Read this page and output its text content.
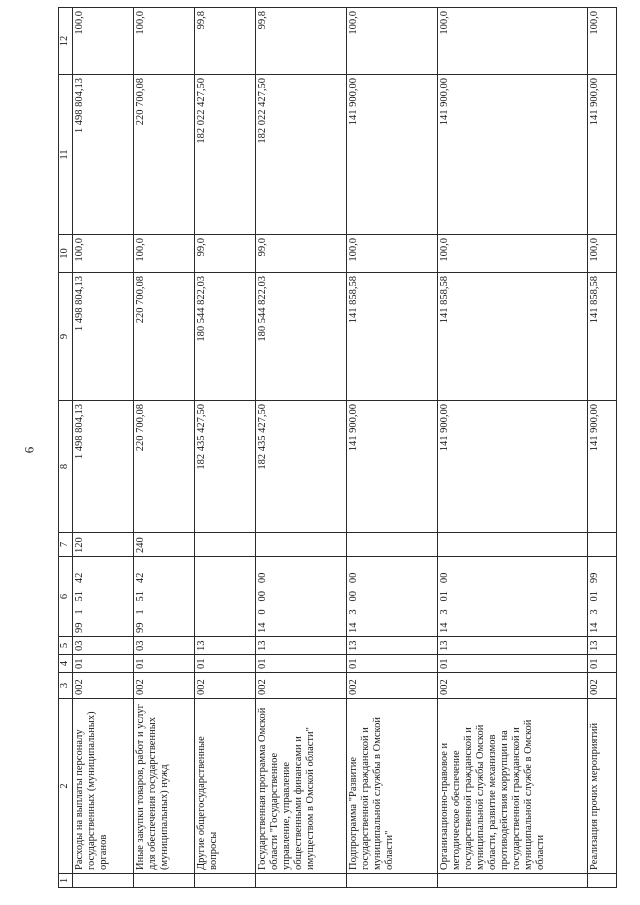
6
1	2	3	4	5	6	7	8	9	10	11	12
	Расходы на выплаты персоналу государственных (муниципальных) органов	002	01	03	99   1   51   42	120	1 498 804,13	1 498 804,13	100,0	1 498 804,13	100,0
	Иные закупки товаров, работ и услуг для обеспечения государственных (муниципальных) нужд	002	01	03	99   1   51   42	240	220 700,08	220 700,08	100,0	220 700,08	100,0
	Другие общегосударственные вопросы	002	01	13			182 435 427,50	180 544 822,03	99,0	182 022 427,50	99,8
	Государственная программа Омской области "Государственное управление, управление общественными финансами и имуществом в Омской области"	002	01	13	14   0   00   00		182 435 427,50	180 544 822,03	99,0	182 022 427,50	99,8
	Подпрограмма "Развитие государственной гражданской и муниципальной службы в Омской области"	002	01	13	14   3   00   00		141 900,00	141 858,58	100,0	141 900,00	100,0
	Организационно-правовое и методическое обеспечение государственной гражданской и муниципальной службы Омской области, развитие механизмов противодействия коррупции на государственной гражданской и муниципальной службе в Омской области	002	01	13	14   3   01   00		141 900,00	141 858,58	100,0	141 900,00	100,0
	Реализация прочих мероприятий	002	01	13	14   3   01   99		141 900,00	141 858,58	100,0	141 900,00	100,0
